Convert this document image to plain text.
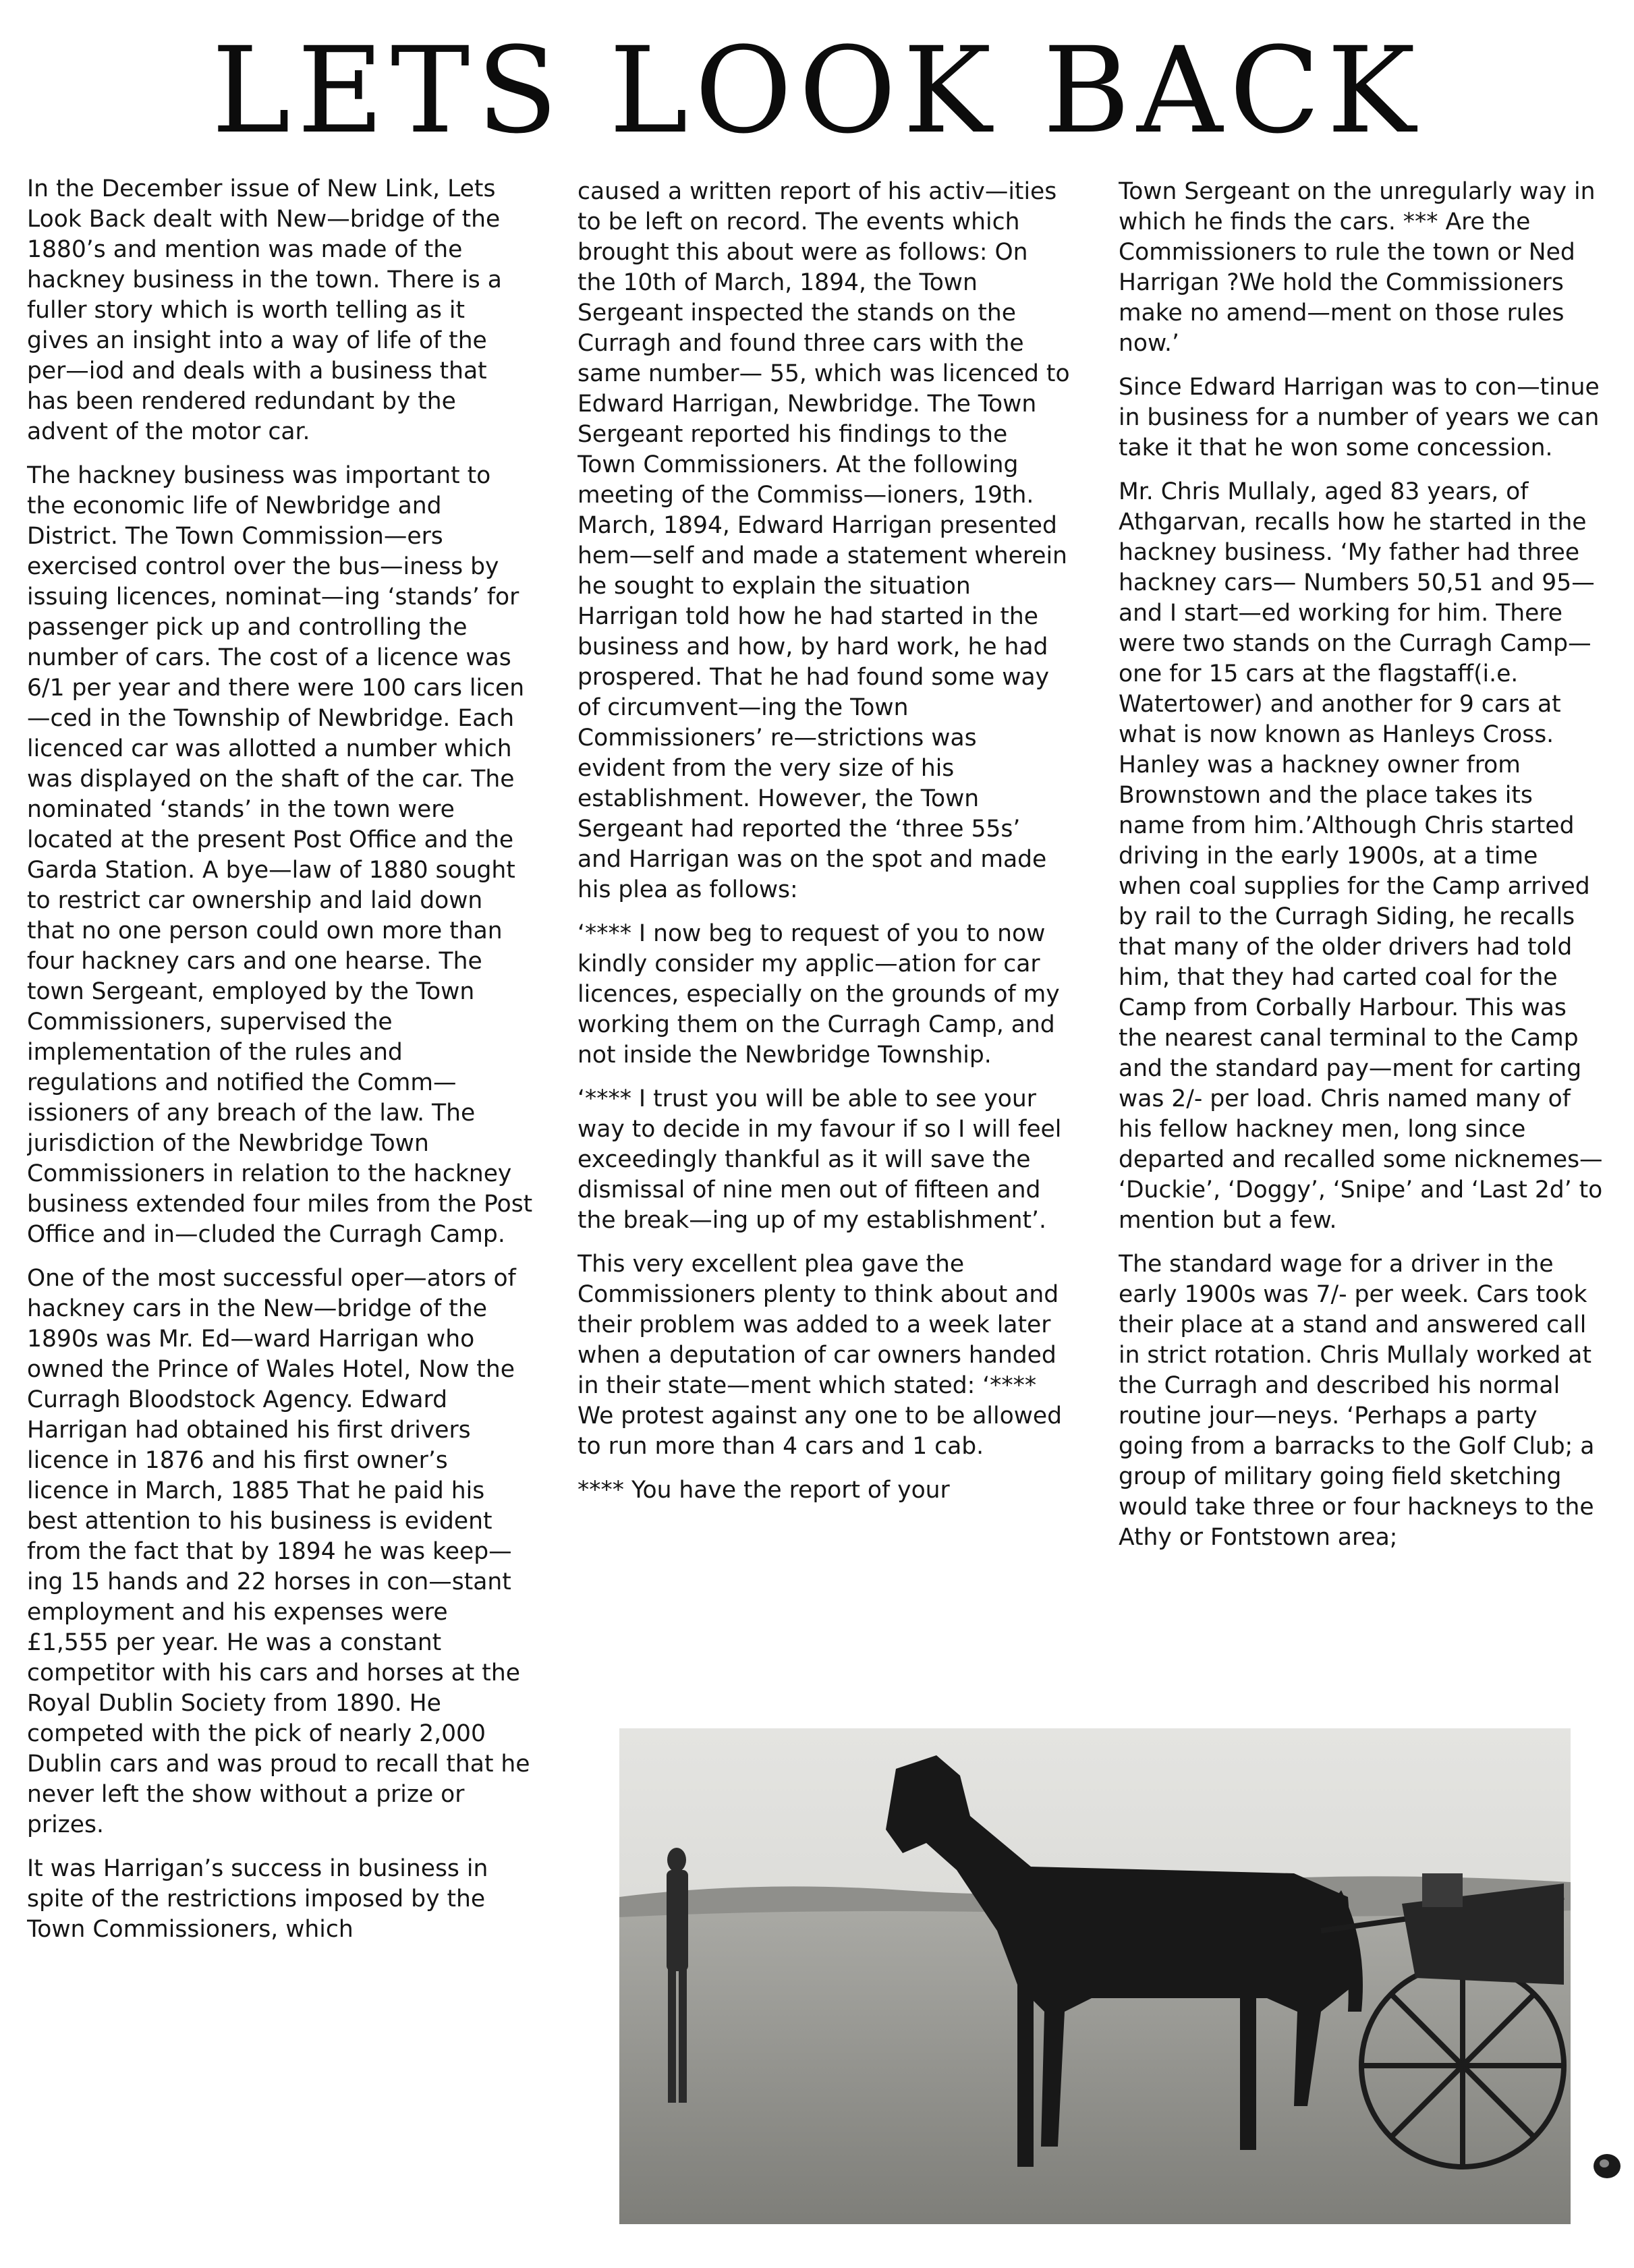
LETS LOOK BACK

In the December issue of New Link, Lets Look Back dealt with New—bridge of the 1880’s and mention was made of the hackney business in the town. There is a fuller story which is worth telling as it gives an insight into a way of life of the per—iod and deals with a business that has been rendered redundant by the advent of the motor car.

The hackney business was important to the economic life of Newbridge and District. The Town Commission—ers exercised control over the bus—iness by issuing licences, nominat—ing ‘stands’ for passenger pick up and controlling the number of cars. The cost of a licence was 6/1 per year and there were 100 cars licen—ced in the Township of Newbridge. Each licenced car was allotted a number which was displayed on the shaft of the car. The nominated ‘stands’ in the town were located at the present Post Office and the Garda Station. A bye—law of 1880 sought to restrict car ownership and laid down that no one person could own more than four hackney cars and one hearse. The town Sergeant, employed by the Town Commissioners, supervised the implementation of the rules and regulations and notified the Comm—issioners of any breach of the law. The jurisdiction of the Newbridge Town Commissioners in relation to the hackney business extended four miles from the Post Office and in—cluded the Curragh Camp.

One of the most successful oper—ators of hackney cars in the New—bridge of the 1890s was Mr. Ed—ward Harrigan who owned the Prince of Wales Hotel, Now the Curragh Bloodstock Agency. Edward Harrigan had obtained his first drivers licence in 1876 and his first owner’s licence in March, 1885 That he paid his best attention to his business is evident from the fact that by 1894 he was keep—ing 15 hands and 22 horses in con—stant employment and his expenses were £1,555 per year. He was a constant competitor with his cars and horses at the Royal Dublin Society from 1890. He competed with the pick of nearly 2,000 Dublin cars and was proud to recall that he never left the show without a prize or prizes.

It was Harrigan’s success in business in spite of the restrictions imposed by the Town Commissioners, which

caused a written report of his activ—ities to be left on record. The events which brought this about were as follows: On the 10th of March, 1894, the Town Sergeant inspected the stands on the Curragh and found three cars with the same number— 55, which was licenced to Edward Harrigan, Newbridge. The Town Sergeant reported his findings to the Town Commissioners. At the following meeting of the Commiss—ioners, 19th. March, 1894, Edward Harrigan presented hem—self and made a statement wherein he sought to explain the situation Harrigan told how he had started in the business and how, by hard work, he had prospered. That he had found some way of circumvent—ing the Town Commissioners’ re—strictions was evident from the very size of his establishment. However, the Town Sergeant had reported the ‘three 55s’ and Harrigan was on the spot and made his plea as follows:

‘**** I now beg to request of you to now kindly consider my applic—ation for car licences, especially on the grounds of my working them on the Curragh Camp, and not inside the Newbridge Township.

‘**** I trust you will be able to see your way to decide in my favour if so I will feel exceedingly thankful as it will save the dismissal of nine men out of fifteen and the break—ing up of my establishment’.

This very excellent plea gave the Commissioners plenty to think about and their problem was added to a week later when a deputation of car owners handed in their state—ment which stated: ‘**** We protest against any one to be allowed to run more than 4 cars and 1 cab.

**** You have the report of your

Town Sergeant on the unregularly way in which he finds the cars. *** Are the Commissioners to rule the town or Ned Harrigan ?We hold the Commissioners make no amend—ment on those rules now.’

Since Edward Harrigan was to con—tinue in business for a number of years we can take it that he won some concession.

Mr. Chris Mullaly, aged 83 years, of Athgarvan, recalls how he started in the hackney business. ‘My father had three hackney cars— Numbers 50,51 and 95—and I start—ed working for him. There were two stands on the Curragh Camp—one for 15 cars at the flagstaff(i.e. Watertower) and another for 9 cars at what is now known as Hanleys Cross. Hanley was a hackney owner from Brownstown and the place takes its name from him.’Although Chris started driving in the early 1900s, at a time when coal supplies for the Camp arrived by rail to the Curragh Siding, he recalls that many of the older drivers had told him, that they had carted coal for the Camp from Corbally Harbour. This was the nearest canal terminal to the Camp and the standard pay—ment for carting was 2/- per load. Chris named many of his fellow hackney men, long since departed and recalled some nicknemes— ‘Duckie’, ‘Doggy’, ‘Snipe’ and ‘Last 2d’ to mention but a few.

The standard wage for a driver in the early 1900s was 7/- per week. Cars took their place at a stand and answered call in strict rotation. Chris Mullaly worked at the Curragh and described his normal routine jour—neys. ‘Perhaps a party going from a barracks to the Golf Club; a group of military going field sketching would take three or four hackneys to the Athy or Fontstown area;
